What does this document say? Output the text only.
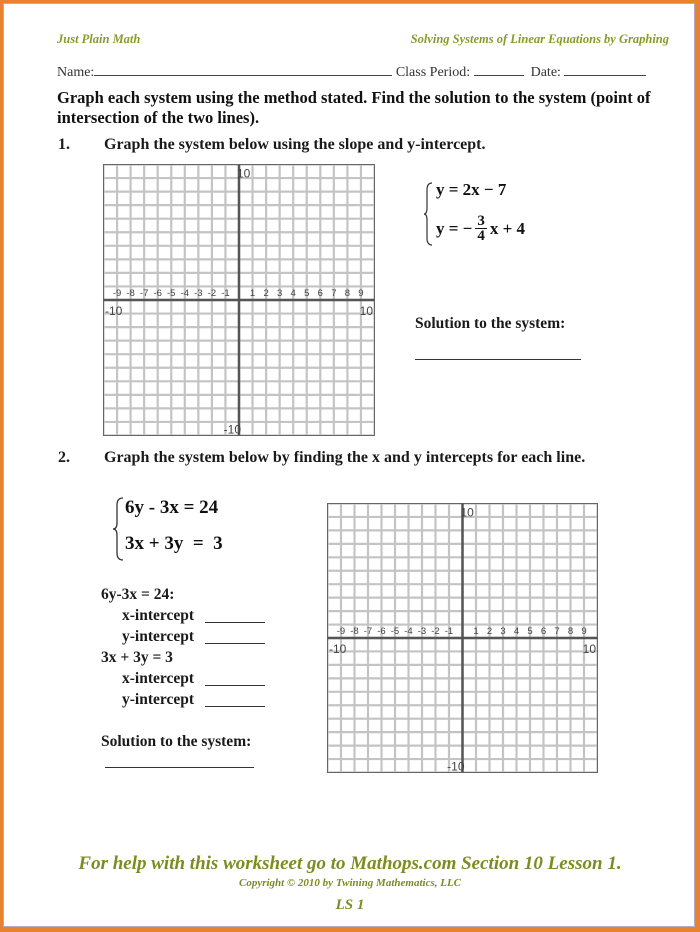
Just Plain Math	Solving Systems of Linear Equations by Graphing
Name:	Class Period:	Date:
Graph each system using the method stated. Find the solution to the system (point of
intersection of the two lines).
1. Graph the system below using the slope and y-intercept.
-9 -8 -7 -6 -5 -4 -3 -2 -1 1 2 3 4 5 6 7 8 9
10
-10
-10	10
y = 2x − 7
y = − $\frac{3}{4}$ x + 4
Solution to the system:
2. Graph the system below by finding the x and y intercepts for each line.
6y - 3x = 24
3x + 3y  =  3
6y-3x = 24:
x-intercept
y-intercept
3x + 3y = 3
x-intercept
y-intercept
Solution to the system:
-9 -8 -7 -6 -5 -4 -3 -2 -1 1 2 3 4 5 6 7 8 9
10
-10
-10	10
For help with this worksheet go to Mathops.com Section 10 Lesson 1.
Copyright © 2010 by Twining Mathematics, LLC
LS 1
